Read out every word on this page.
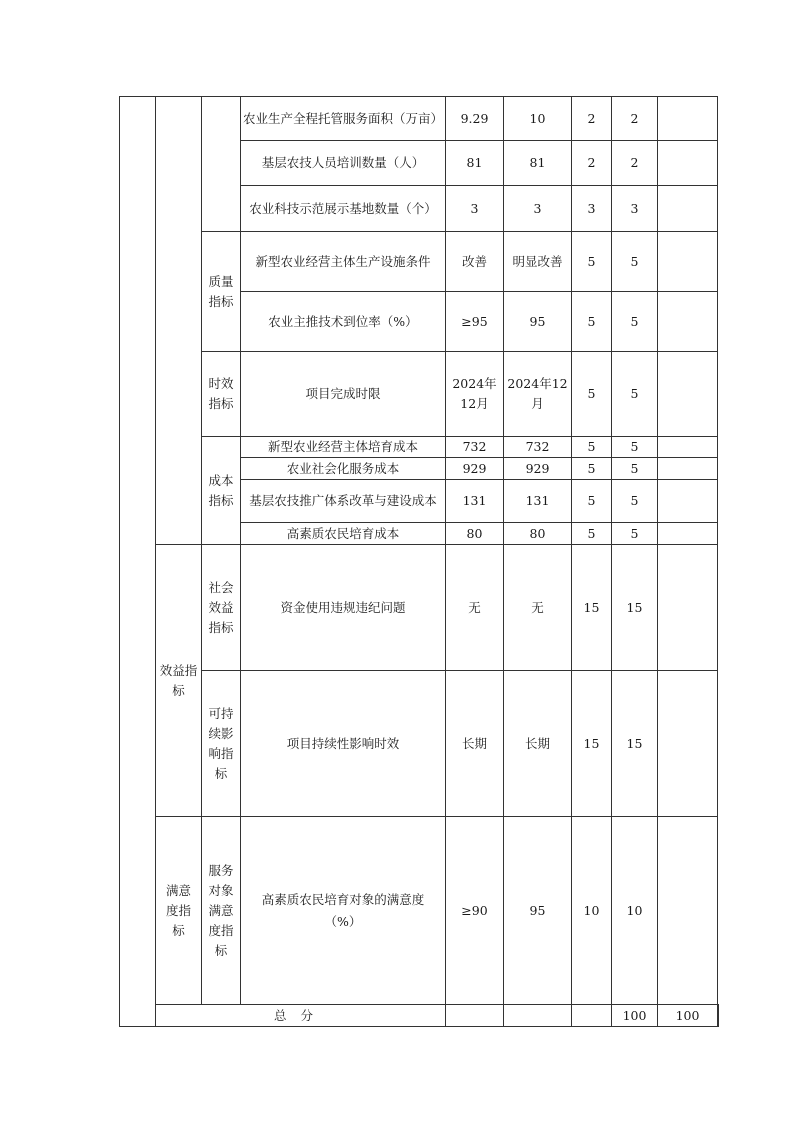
			农业生产全程托管服务面积（万亩）	9.29	10	2	2		
			基层农技人员培训数量（人）	81	81	2	2		
			农业科技示范展示基地数量（个）	3	3	3	3		
		质量指标	新型农业经营主体生产设施条件	改善	明显改善	5	5		
			农业主推技术到位率（%）	≥95	95	5	5		
		时效指标	项目完成时限	2024年12月	2024年12月	5	5		
		成本指标	新型农业经营主体培育成本	732	732	5	5		
			农业社会化服务成本	929	929	5	5		
			基层农技推广体系改革与建设成本	131	131	5	5		
			高素质农民培育成本	80	80	5	5		
	效益指标	社会效益指标	资金使用违规违纪问题	无	无	15	15		
		可持续影响指标	项目持续性影响时效	长期	长期	15	15		
	满意度指标	服务对象满意度指标	高素质农民培育对象的满意度（%）	≥90	95	10	10		
	总分						100	100	
